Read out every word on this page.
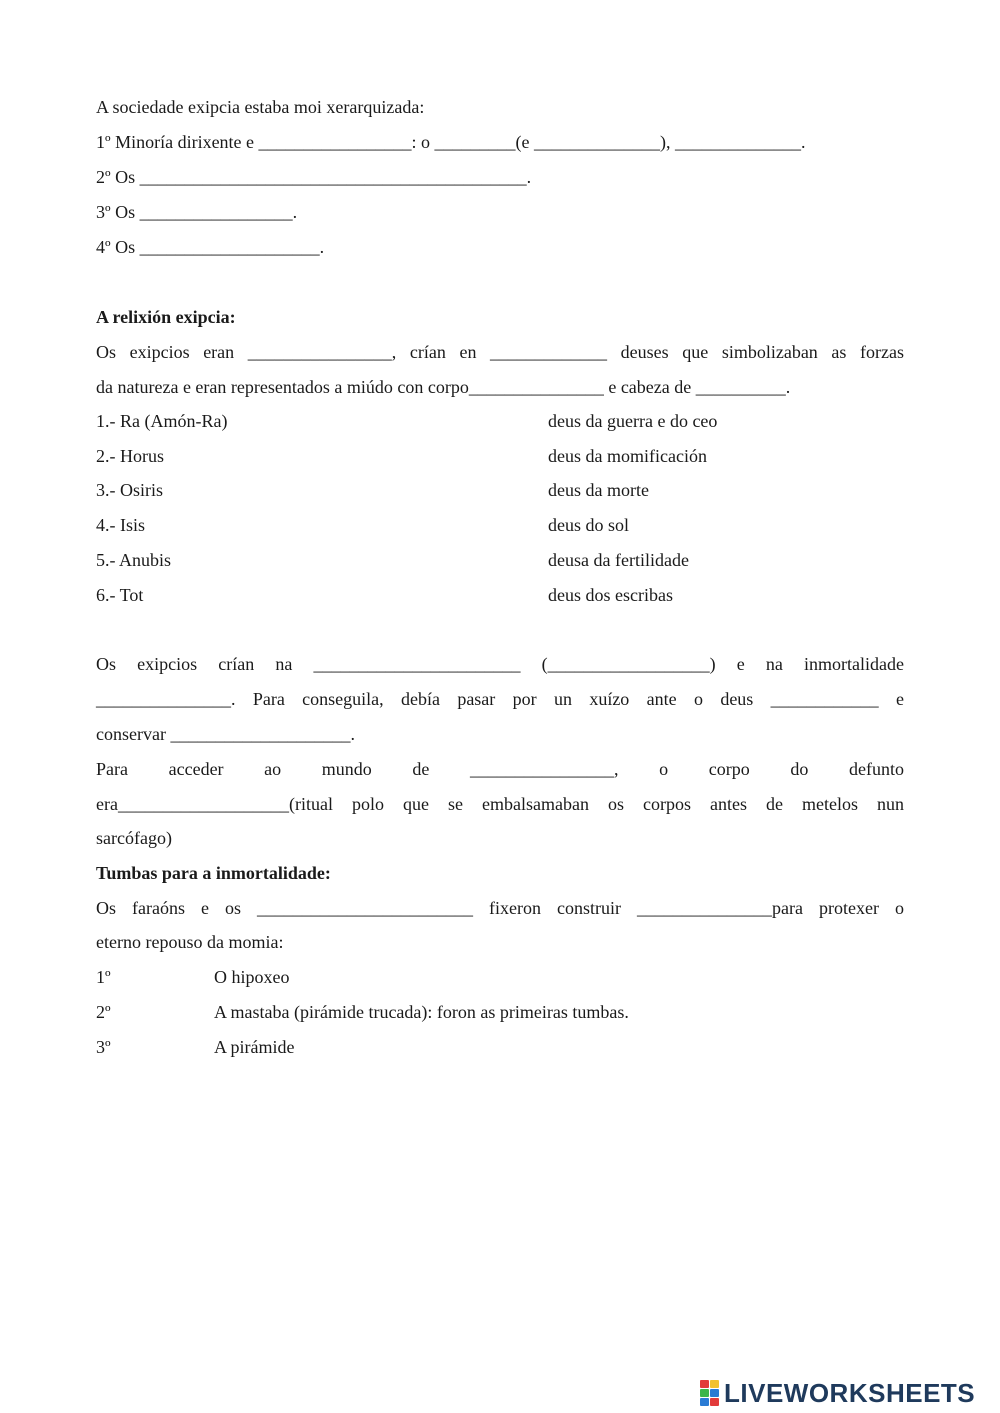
A sociedade exipcia estaba moi xerarquizada:
1º Minoría dirixente e _________________: o _________(e ______________), ______________.
2º Os ___________________________________________.
3º Os _________________.
4º Os ____________________.
A relixión exipcia:
Os exipcios eran ________________, crían en _____________ deuses que simbolizaban as forzas
da natureza e eran representados a miúdo con corpo_______________ e cabeza de __________.
1.- Ra (Amón-Ra)	deus da guerra e do ceo
2.- Horus	deus da momificación
3.- Osiris	deus da morte
4.- Isis	deus do sol
5.- Anubis	deusa da fertilidade
6.- Tot	deus dos escribas
Os exipcios crían na _______________________ (__________________) e na inmortalidade
_______________. Para conseguila, debía pasar por un xuízo ante o deus ____________ e
conservar ____________________.
Para acceder ao mundo de ________________, o corpo do defunto
era___________________(ritual polo que se embalsamaban os corpos antes de metelos nun
sarcófago)
Tumbas para a inmortalidade:
Os faraóns e os ________________________ fixeron construir _______________para protexer o
eterno repouso da momia:
1º	O hipoxeo
2º	A mastaba (pirámide trucada): foron as primeiras tumbas.
3º	A pirámide
LIVEWORKSHEETS
